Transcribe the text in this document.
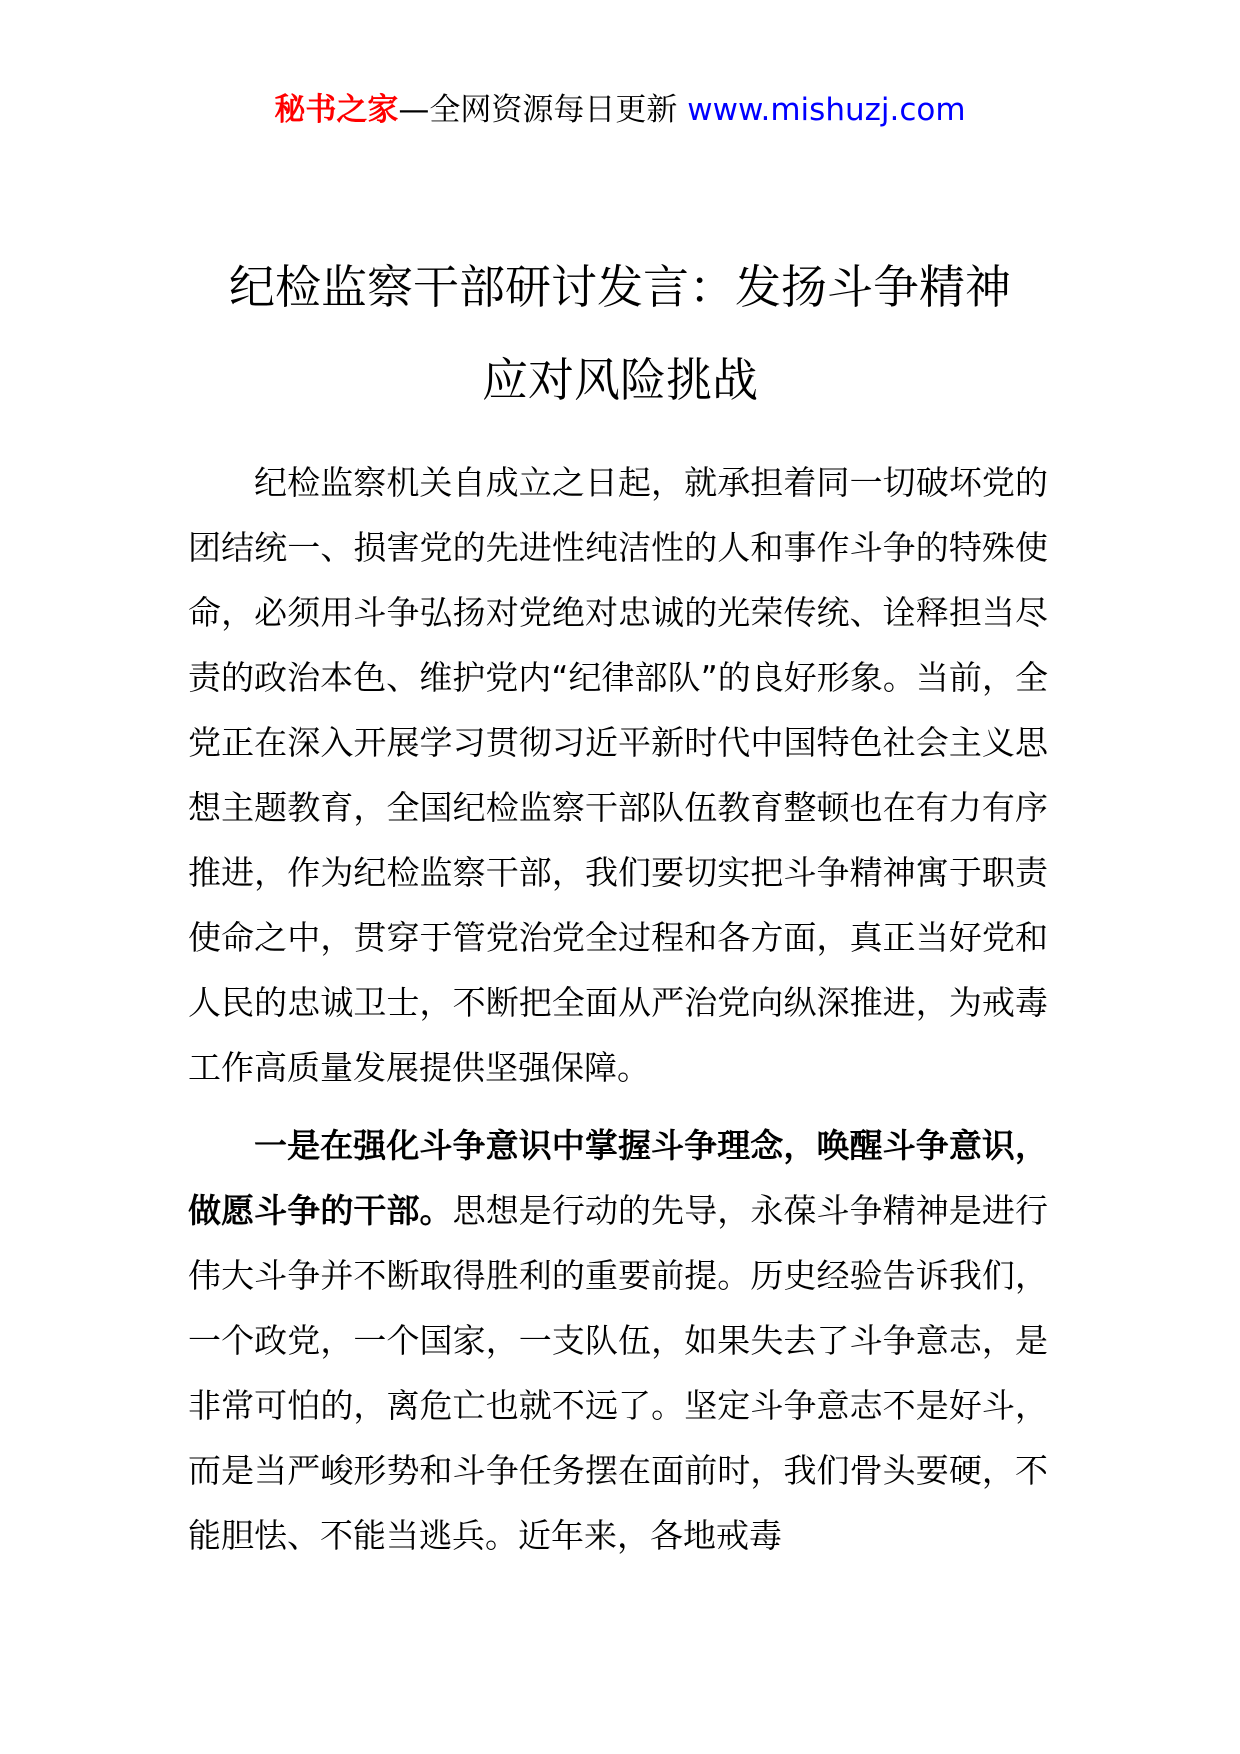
秘书之家—全网资源每日更新 www.mishuzj.com
纪检监察干部研讨发言：发扬斗争精神
应对风险挑战

纪检监察机关自成立之日起，就承担着同一切破坏党的团结统一、损害党的先进性纯洁性的人和事作斗争的特殊使命，必须用斗争弘扬对党绝对忠诚的光荣传统、诠释担当尽责的政治本色、维护党内“纪律部队”的良好形象。当前，全党正在深入开展学习贯彻习近平新时代中国特色社会主义思想主题教育，全国纪检监察干部队伍教育整顿也在有力有序推进，作为纪检监察干部，我们要切实把斗争精神寓于职责使命之中，贯穿于管党治党全过程和各方面，真正当好党和人民的忠诚卫士，不断把全面从严治党向纵深推进，为戒毒工作高质量发展提供坚强保障。

一是在强化斗争意识中掌握斗争理念，唤醒斗争意识，做愿斗争的干部。思想是行动的先导，永葆斗争精神是进行伟大斗争并不断取得胜利的重要前提。历史经验告诉我们，一个政党，一个国家，一支队伍，如果失去了斗争意志，是非常可怕的，离危亡也就不远了。坚定斗争意志不是好斗，而是当严峻形势和斗争任务摆在面前时，我们骨头要硬，不能胆怯、不能当逃兵。近年来，各地戒毒
